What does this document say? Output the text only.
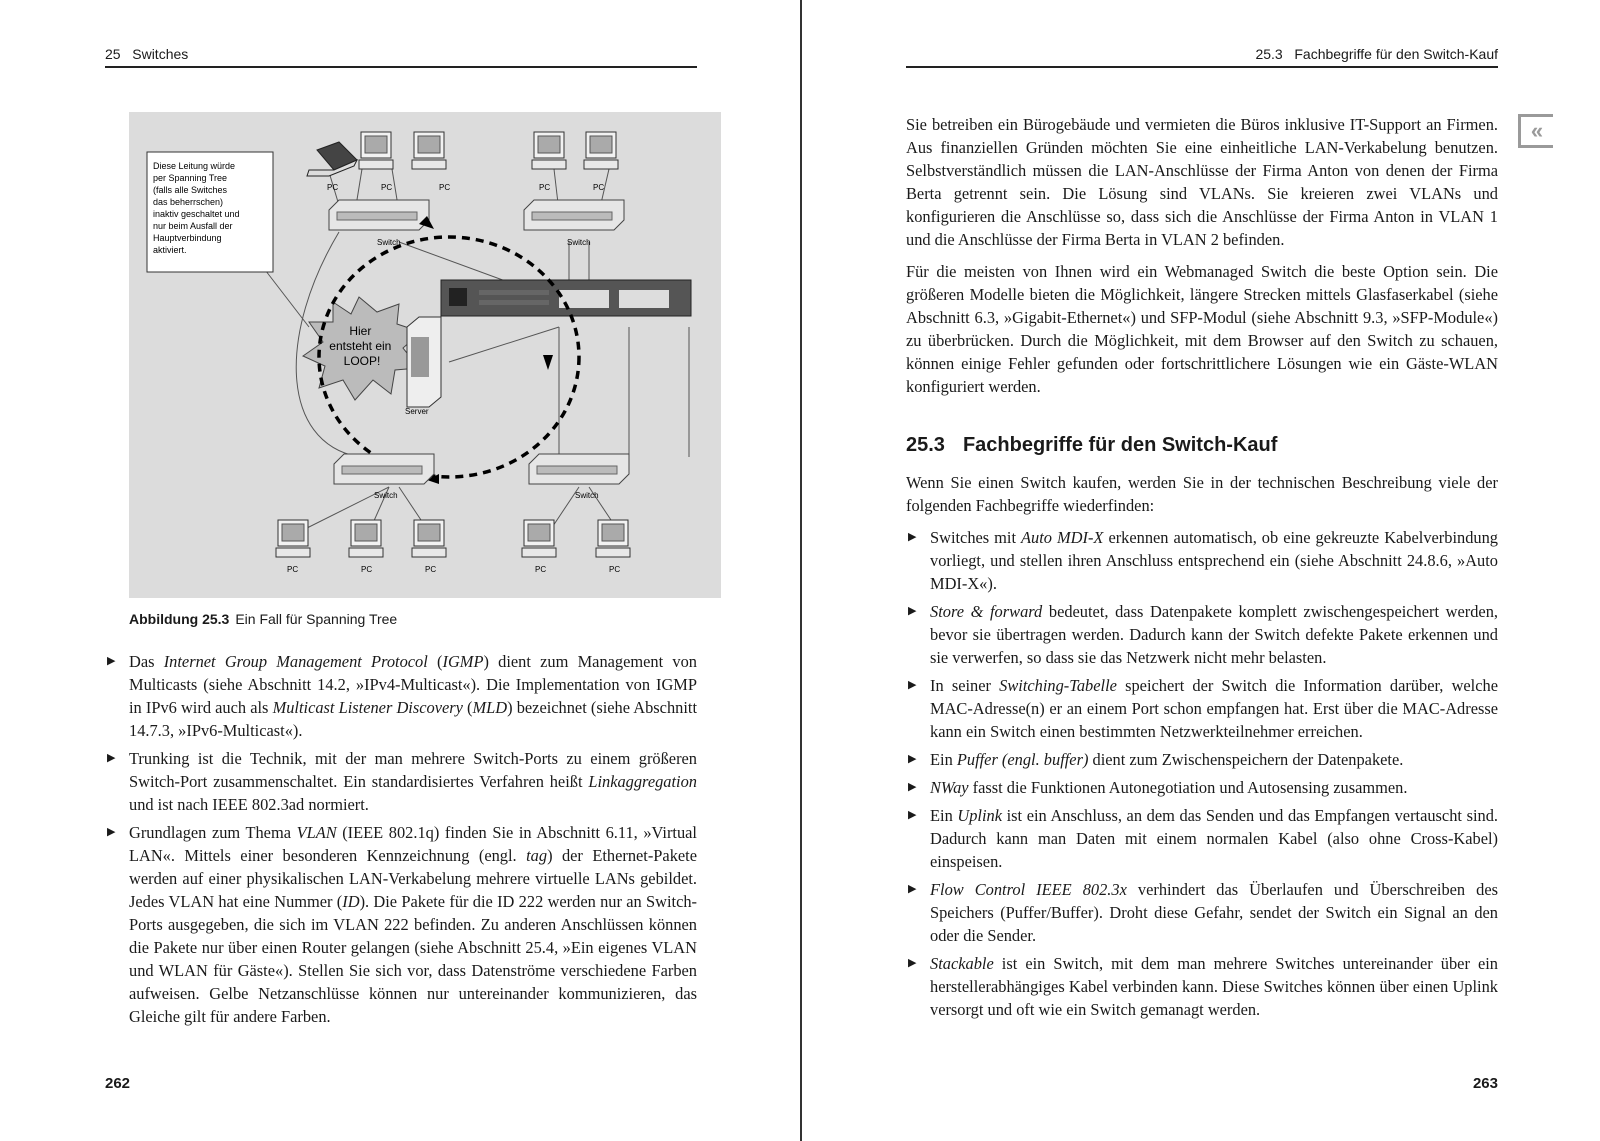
25 Switches
PC	PC	PC	PC	PC
Switch	Switch
Diese Leitung würde per Spanning Tree (falls alle Switches das beherrschen) inaktiv geschaltet und nur beim Ausfall der Hauptverbindung aktiviert.
Hier entsteht ein LOOP!
Server
Switch	Switch
PC	PC	PC	PC	PC
Abbildung 25.3 Ein Fall für Spanning Tree
▶ Das Internet Group Management Protocol (IGMP) dient zum Management von Multicasts (siehe Abschnitt 14.2, »IPv4-Multicast«). Die Implementation von IGMP in IPv6 wird auch als Multicast Listener Discovery (MLD) bezeichnet (siehe Abschnitt 14.7.3, »IPv6-Multicast«).
▶ Trunking ist die Technik, mit der man mehrere Switch-Ports zu einem größeren Switch-Port zusammenschaltet. Ein standardisiertes Verfahren heißt Linkaggregation und ist nach IEEE 802.3ad normiert.
▶ Grundlagen zum Thema VLAN (IEEE 802.1q) finden Sie in Abschnitt 6.11, »Virtual LAN«. Mittels einer besonderen Kennzeichnung (engl. tag) der Ethernet-Pakete werden auf einer physikalischen LAN-Verkabelung mehrere virtuelle LANs gebildet. Jedes VLAN hat eine Nummer (ID). Die Pakete für die ID 222 werden nur an Switch-Ports ausgegeben, die sich im VLAN 222 befinden. Zu anderen Anschlüssen können die Pakete nur über einen Router gelangen (siehe Abschnitt 25.4, »Ein eigenes VLAN und WLAN für Gäste«). Stellen Sie sich vor, dass Datenströme verschiedene Farben aufweisen. Gelbe Netzanschlüsse können nur untereinander kommunizieren, das Gleiche gilt für andere Farben.
262
25.3 Fachbegriffe für den Switch-Kauf
«

Sie betreiben ein Bürogebäude und vermieten die Büros inklusive IT-Support an Firmen. Aus finanziellen Gründen möchten Sie eine einheitliche LAN-Verkabelung benutzen. Selbstverständlich müssen die LAN-Anschlüsse der Firma Anton von denen der Firma Berta getrennt sein. Die Lösung sind VLANs. Sie kreieren zwei VLANs und konfigurieren die Anschlüsse so, dass sich die Anschlüsse der Firma Anton in VLAN 1 und die Anschlüsse der Firma Berta in VLAN 2 befinden.

Für die meisten von Ihnen wird ein Webmanaged Switch die beste Option sein. Die größeren Modelle bieten die Möglichkeit, längere Strecken mittels Glasfaserkabel (siehe Abschnitt 6.3, »Gigabit-Ethernet«) und SFP-Modul (siehe Abschnitt 9.3, »SFP-Module«) zu überbrücken. Durch die Möglichkeit, mit dem Browser auf den Switch zu schauen, können einige Fehler gefunden oder fortschrittlichere Lösungen wie ein Gäste-WLAN konfiguriert werden.

25.3 Fachbegriffe für den Switch-Kauf

Wenn Sie einen Switch kaufen, werden Sie in der technischen Beschreibung viele der folgenden Fachbegriffe wiederfinden:

▶ Switches mit Auto MDI-X erkennen automatisch, ob eine gekreuzte Kabelverbindung vorliegt, und stellen ihren Anschluss entsprechend ein (siehe Abschnitt 24.8.6, »Auto MDI-X«).
▶ Store & forward bedeutet, dass Datenpakete komplett zwischengespeichert werden, bevor sie übertragen werden. Dadurch kann der Switch defekte Pakete erkennen und sie verwerfen, so dass sie das Netzwerk nicht mehr belasten.
▶ In seiner Switching-Tabelle speichert der Switch die Information darüber, welche MAC-Adresse(n) er an einem Port schon empfangen hat. Erst über die MAC-Adresse kann ein Switch einen bestimmten Netzwerkteilnehmer erreichen.
▶ Ein Puffer (engl. buffer) dient zum Zwischenspeichern der Datenpakete.
▶ NWay fasst die Funktionen Autonegotiation und Autosensing zusammen.
▶ Ein Uplink ist ein Anschluss, an dem das Senden und das Empfangen vertauscht sind. Dadurch kann man Daten mit einem normalen Kabel (also ohne Cross-Kabel) einspeisen.
▶ Flow Control IEEE 802.3x verhindert das Überlaufen und Überschreiben des Speichers (Puffer/Buffer). Droht diese Gefahr, sendet der Switch ein Signal an den oder die Sender.
▶ Stackable ist ein Switch, mit dem man mehrere Switches untereinander über ein herstellerabhängiges Kabel verbinden kann. Diese Switches können über einen Uplink versorgt und oft wie ein Switch gemanagt werden.
263
